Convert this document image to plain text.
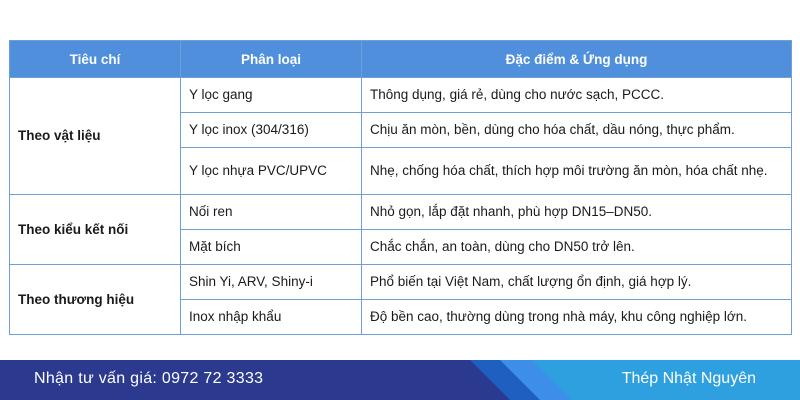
Tiêu chí	Phân loại	Đặc điểm & Ứng dụng
Theo vật liệu	Y lọc gang	Thông dụng, giá rẻ, dùng cho nước sạch, PCCC.
	Y lọc inox (304/316)	Chịu ăn mòn, bền, dùng cho hóa chất, dầu nóng, thực phẩm.
	Y lọc nhựa PVC/UPVC	Nhẹ, chống hóa chất, thích hợp môi trường ăn mòn, hóa chất nhẹ.
Theo kiểu kết nối	Nối ren	Nhỏ gọn, lắp đặt nhanh, phù hợp DN15–DN50.
	Mặt bích	Chắc chắn, an toàn, dùng cho DN50 trở lên.
Theo thương hiệu	Shin Yi, ARV, Shiny-i	Phổ biến tại Việt Nam, chất lượng ổn định, giá hợp lý.
	Inox nhập khẩu	Độ bền cao, thường dùng trong nhà máy, khu công nghiệp lớn.
Nhận tư vấn giá: 0972 72 3333	Thép Nhật Nguyên
